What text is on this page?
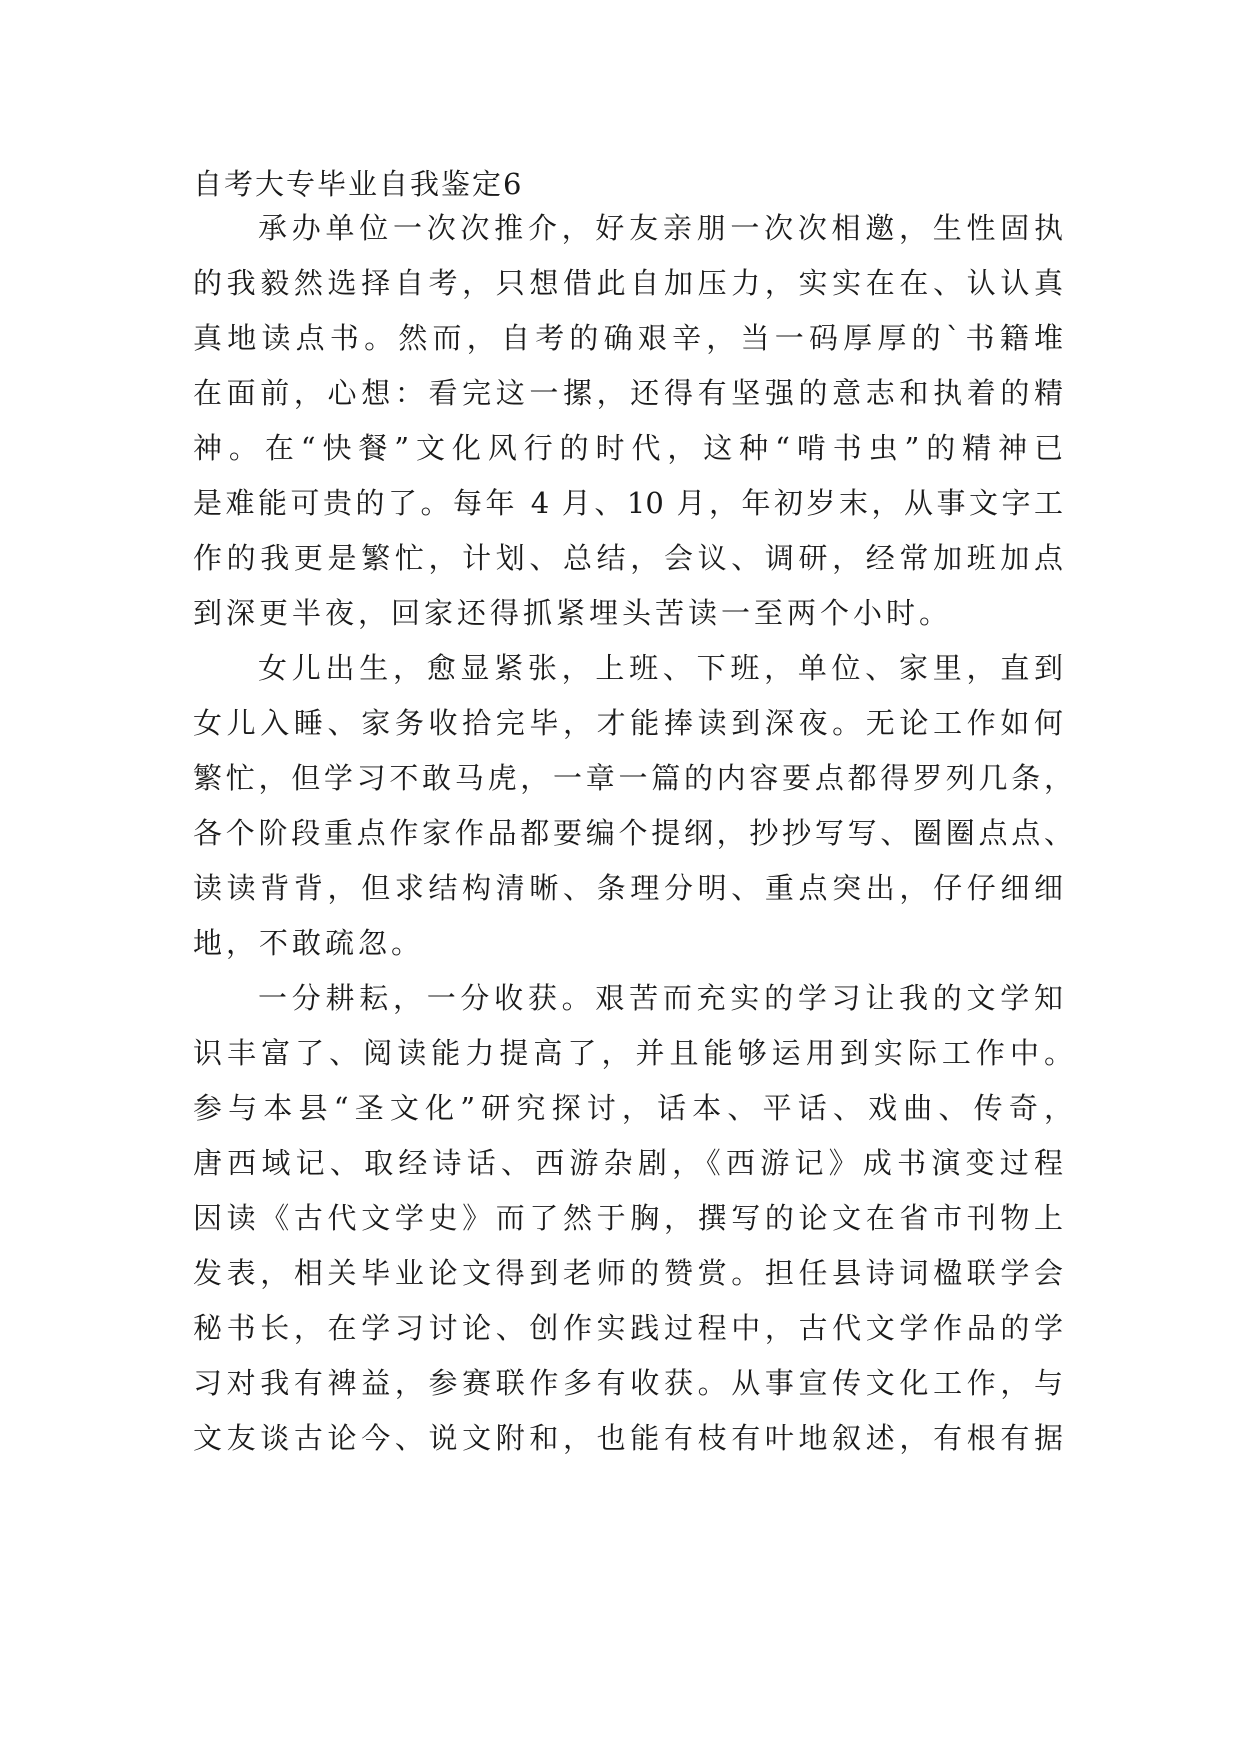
自考大专毕业自我鉴定6
承办单位一次次推介，好友亲朋一次次相邀，生性固执
的我毅然选择自考，只想借此自加压力，实实在在、认认真
真地读点书。然而，自考的确艰辛，当一码厚厚的`书籍堆
在面前，心想：看完这一摞，还得有坚强的意志和执着的精
神。在“快餐”文化风行的时代，这种“啃书虫”的精神已
是难能可贵的了。每年 4 月、10 月，年初岁末，从事文字工
作的我更是繁忙，计划、总结，会议、调研，经常加班加点
到深更半夜，回家还得抓紧埋头苦读一至两个小时。
女儿出生，愈显紧张，上班、下班，单位、家里，直到
女儿入睡、家务收拾完毕，才能捧读到深夜。无论工作如何
繁忙，但学习不敢马虎，一章一篇的内容要点都得罗列几条，
各个阶段重点作家作品都要编个提纲，抄抄写写、圈圈点点、
读读背背，但求结构清晰、条理分明、重点突出，仔仔细细
地，不敢疏忽。
一分耕耘，一分收获。艰苦而充实的学习让我的文学知
识丰富了、阅读能力提高了，并且能够运用到实际工作中。
参与本县“圣文化”研究探讨，话本、平话、戏曲、传奇，
唐西域记、取经诗话、西游杂剧，《西游记》成书演变过程
因读《古代文学史》而了然于胸，撰写的论文在省市刊物上
发表，相关毕业论文得到老师的赞赏。担任县诗词楹联学会
秘书长，在学习讨论、创作实践过程中，古代文学作品的学
习对我有裨益，参赛联作多有收获。从事宣传文化工作，与
文友谈古论今、说文附和，也能有枝有叶地叙述，有根有据
